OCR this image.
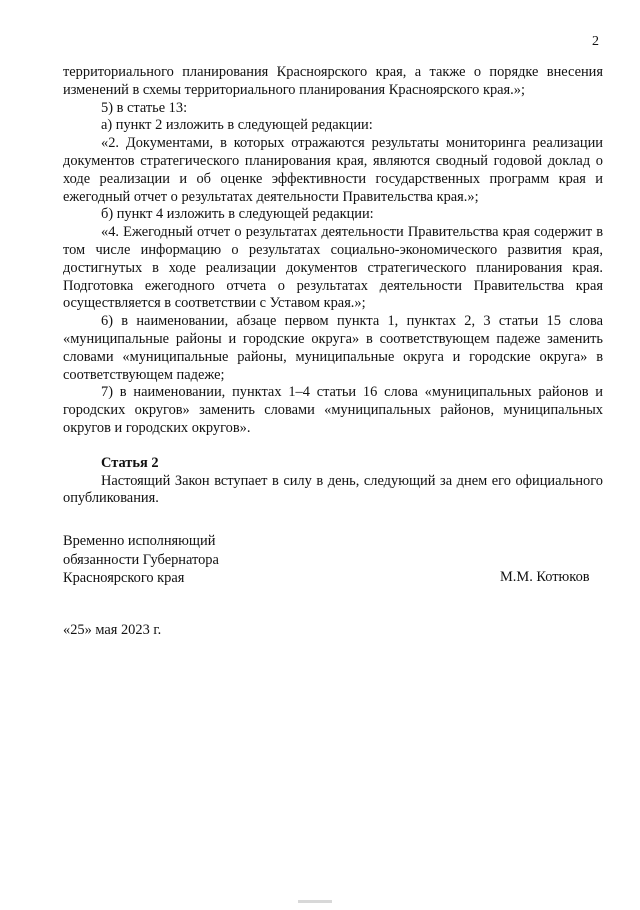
2

территориального планирования Красноярского края, а также о порядке внесения изменений в схемы территориального планирования Красноярского края.»;

5) в статье 13:

а) пункт 2 изложить в следующей редакции:

«2. Документами, в которых отражаются результаты мониторинга реализации документов стратегического планирования края, являются сводный годовой доклад о ходе реализации и об оценке эффективности государственных программ края и ежегодный отчет о результатах деятельности Правительства края.»;

б) пункт 4 изложить в следующей редакции:

«4. Ежегодный отчет о результатах деятельности Правительства края содержит в том числе информацию о результатах социально-экономического развития края, достигнутых в ходе реализации документов стратегического планирования края. Подготовка ежегодного отчета о результатах деятельности Правительства края осуществляется в соответствии с Уставом края.»;

6) в наименовании, абзаце первом пункта 1, пунктах 2, 3 статьи 15 слова «муниципальные районы и городские округа» в соответствующем падеже заменить словами «муниципальные районы, муниципальные округа и городские округа» в соответствующем падеже;

7) в наименовании, пунктах 1–4 статьи 16 слова «муниципальных районов и городских округов» заменить словами «муниципальных районов, муниципальных округов и городских округов».

Статья 2

Настоящий Закон вступает в силу в день, следующий за днем его официального опубликования.

Временно исполняющий
обязанности Губернатора
Красноярского края	М.М. Котюков
«25» мая 2023 г.
